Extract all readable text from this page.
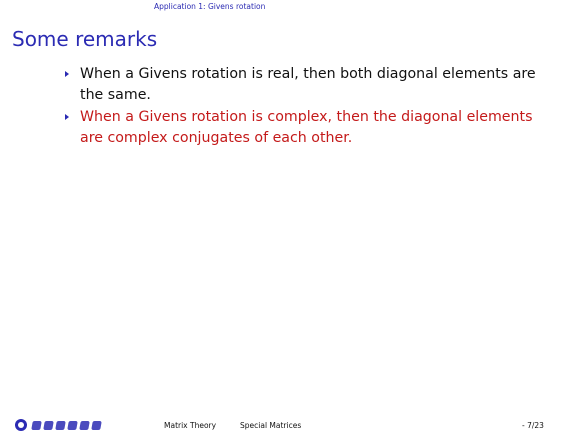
Application 1: Givens rotation
Some remarks
When a Givens rotation is real, then both diagonal elements are the same.
When a Givens rotation is complex, then the diagonal elements are complex conjugates of each other.
Matrix Theory	Special Matrices	- 7/23
